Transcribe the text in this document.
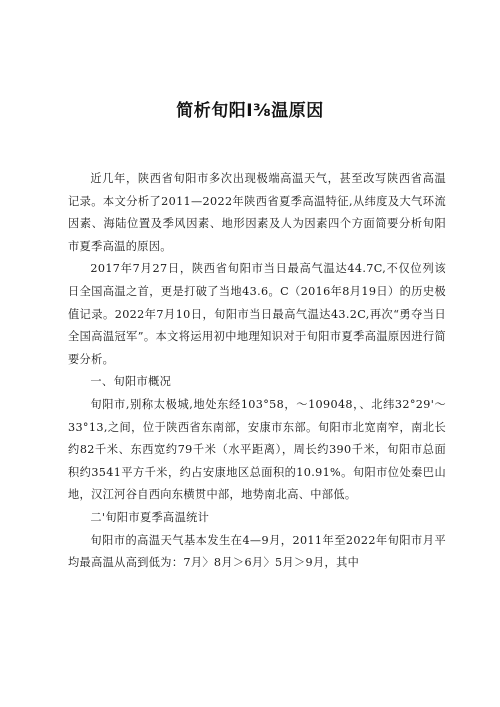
简析旬阳I⅜温原因

近几年，陕西省旬阳市多次出现极端高温天气，甚至改写陕西省高温记录。本文分析了2011—2022年陕西省夏季高温特征,从纬度及大气环流因素、海陆位置及季风因素、地形因素及人为因素四个方面简要分析旬阳市夏季高温的原因。

2017年7月27日，陕西省旬阳市当日最高气温达44.7C,不仅位列该日全国高温之首，更是打破了当地43.6。C（2016年8月19日）的历史极值记录。2022年7月10日，旬阳市当日最高气温达43.2C,再次“勇夺当日全国高温冠军”。本文将运用初中地理知识对于旬阳市夏季高温原因进行简要分析。

一、旬阳市概况

旬阳市,别称太极城,地处东经103°58，～109048，、北纬32°29'～33°13,之间，位于陕西省东南部，安康市东部。旬阳市北宽南窄，南北长约82千米、东西宽约79千米（水平距离），周长约390千米，旬阳市总面积约3541平方千米，约占安康地区总面积的10.91%。旬阳市位处秦巴山地，汉江河谷自西向东横贯中部，地势南北高、中部低。

二'旬阳市夏季高温统计

旬阳市的高温天气基本发生在4—9月，2011年至2022年旬阳市月平均最高温从高到低为：7月〉8月＞6月〉5月＞9月，其中
